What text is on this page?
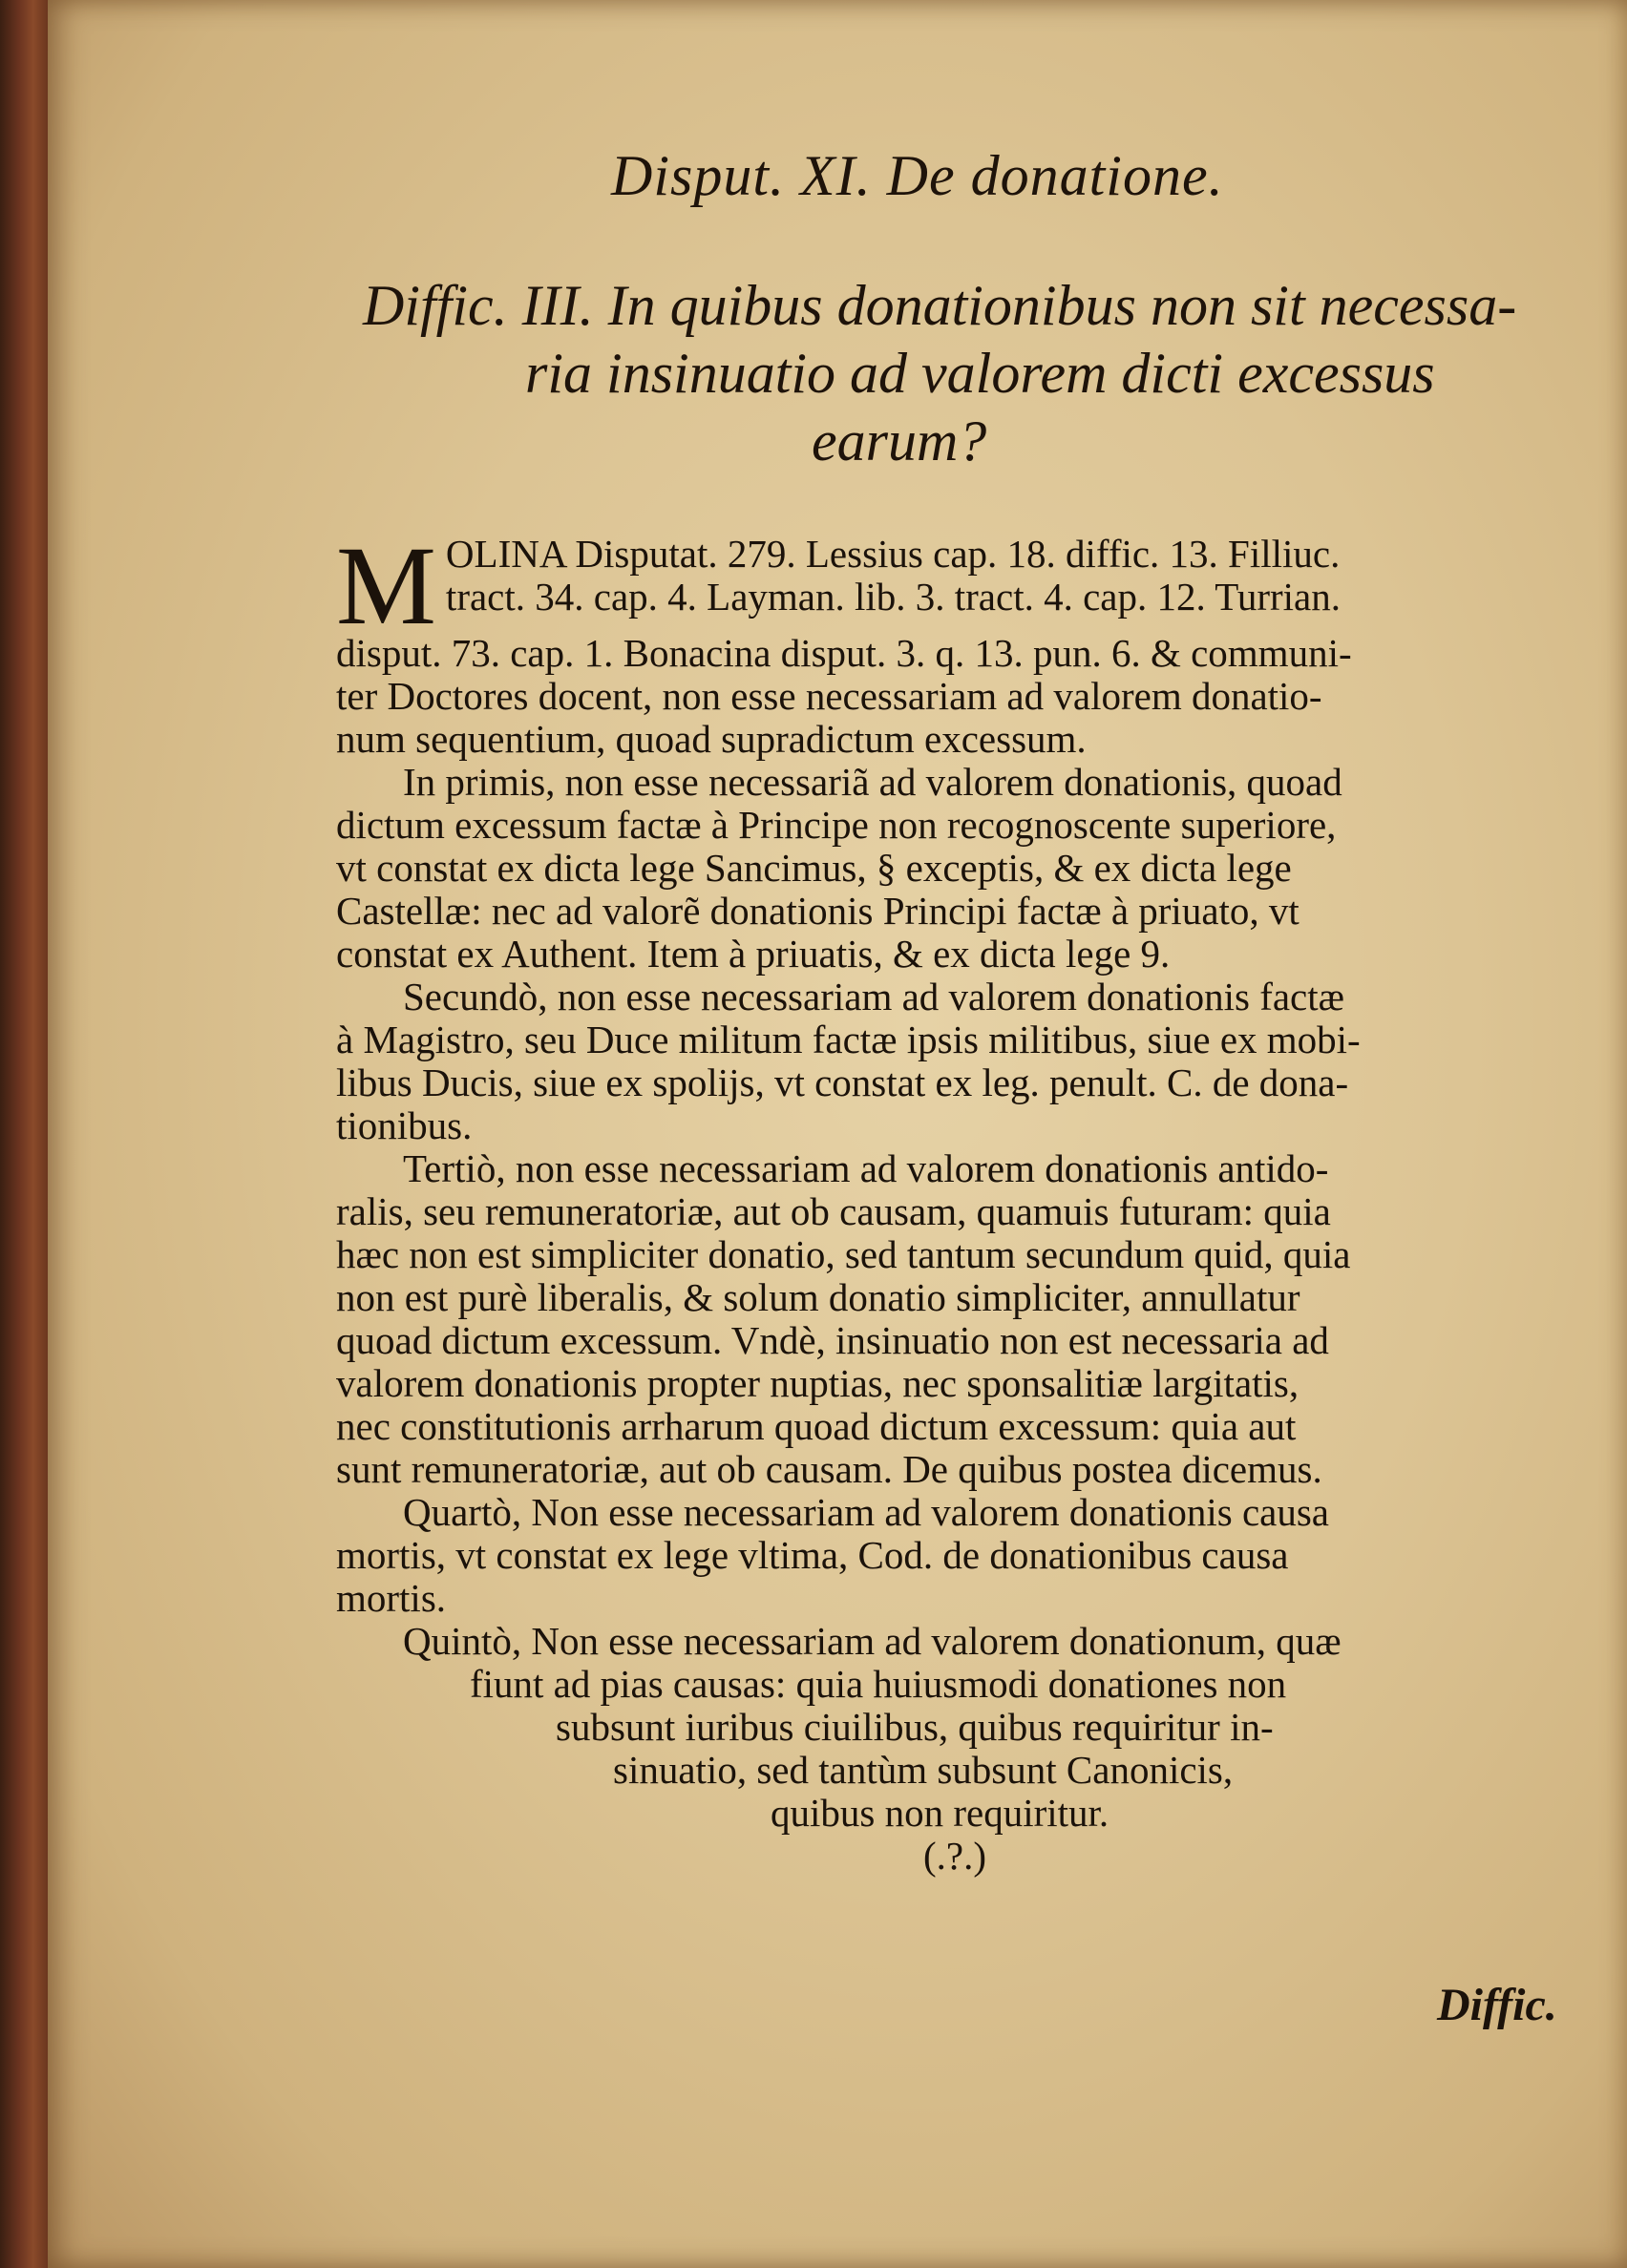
Disput. XI. De donatione.
Diffic. III. In quibus donationibus non sit necessa-
ria insinuatio ad valorem dicti excessus
earum?
M OLINA Disputat. 279. Lessius cap. 18. diffic. 13. Filliuc.
tract. 34. cap. 4. Layman. lib. 3. tract. 4. cap. 12. Turrian.
disput. 73. cap. 1. Bonacina disput. 3. q. 13. pun. 6. & communi-
ter Doctores docent, non esse necessariam ad valorem donatio-
num sequentium, quoad supradictum excessum.
In primis, non esse necessariã ad valorem donationis, quoad
dictum excessum factæ à Principe non recognoscente superiore,
vt constat ex dicta lege Sancimus, § exceptis, & ex dicta lege
Castellæ: nec ad valorẽ donationis Principi factæ à priuato, vt
constat ex Authent. Item à priuatis, & ex dicta lege 9.
Secundò, non esse necessariam ad valorem donationis factæ
à Magistro, seu Duce militum factæ ipsis militibus, siue ex mobi-
libus Ducis, siue ex spolijs, vt constat ex leg. penult. C. de dona-
tionibus.
Tertiò, non esse necessariam ad valorem donationis antido-
ralis, seu remuneratoriæ, aut ob causam, quamuis futuram: quia
hæc non est simpliciter donatio, sed tantum secundum quid, quia
non est purè liberalis, & solum donatio simpliciter, annullatur
quoad dictum excessum. Vndè, insinuatio non est necessaria ad
valorem donationis propter nuptias, nec sponsalitiæ largitatis,
nec constitutionis arrharum quoad dictum excessum: quia aut
sunt remuneratoriæ, aut ob causam. De quibus postea dicemus.
Quartò, Non esse necessariam ad valorem donationis causa
mortis, vt constat ex lege vltima, Cod. de donationibus causa
mortis.
Quintò, Non esse necessariam ad valorem donationum, quæ
fiunt ad pias causas: quia huiusmodi donationes non
subsunt iuribus ciuilibus, quibus requiritur in-
sinuatio, sed tantùm subsunt Canonicis,
quibus non requiritur.
(.?.)
Diffic.
